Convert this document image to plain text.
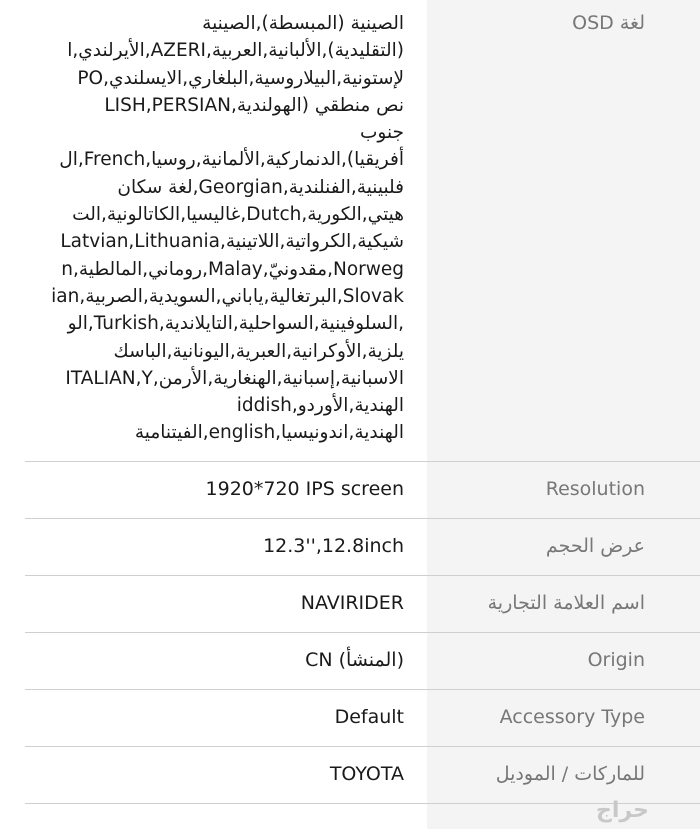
لغة OSD
الصينية (المبسطة),الصينية
(التقليدية),الألبانية,العربية,AZERI,الأيرلندي,ا
لإستونية,البيلاروسية,البلغاري,الايسلندي,PO
LISH,PERSIAN,نص منطقي (الهولندية
جنوب
أفريقيا),الدنماركية,الألمانية,روسيا,French,ال
فلبينية,الفنلندية,Georgian,لغة سكان
هيتي,الكورية,Dutch,غاليسيا,الكاتالونية,الت
شيكية,الكرواتية,اللاتينية,Latvian,Lithuania
n,روماني,المالطية,Malay,مقدونيّ,Norweg
ian,البرتغالية,ياباني,السويدية,الصربية,Slovak
,السلوفينية,السواحلية,التايلاندية,Turkish,الو
يلزية,الأوكرانية,العبرية,اليونانية,الباسك
الاسبانية,إسبانية,الهنغارية,الأرمن,ITALIAN,Y
iddish,الهندية,الأوردو
الهندية,اندونيسيا,english,الفيتنامية
Resolution
1920*720 IPS screen
عرض الحجم
12.3'',12.8inch
اسم العلامة التجارية
NAVIRIDER
Origin
CN (المنشأ)
Accessory Type
Default
للماركات / الموديل
TOYOTA
حراج
